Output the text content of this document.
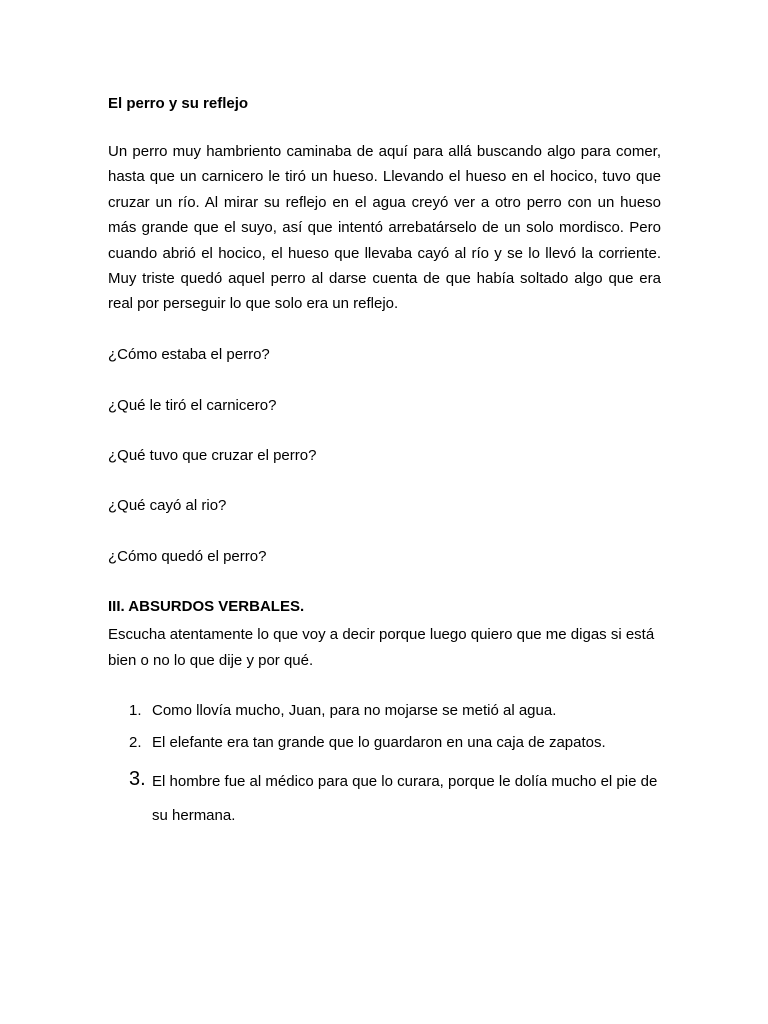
El perro y su reflejo
Un perro muy hambriento caminaba de aquí para allá buscando algo para comer, hasta que un carnicero le tiró un hueso. Llevando el hueso en el hocico, tuvo que cruzar un río. Al mirar su reflejo en el agua creyó ver a otro perro con un hueso más grande que el suyo, así que intentó arrebatárselo de un solo mordisco. Pero cuando abrió el hocico, el hueso que llevaba cayó al río y se lo llevó la corriente. Muy triste quedó aquel perro al darse cuenta de que había soltado algo que era real por perseguir lo que solo era un reflejo.
¿Cómo estaba el perro?
¿Qué le tiró el carnicero?
¿Qué tuvo que cruzar el perro?
¿Qué cayó al rio?
¿Cómo quedó el perro?
III. ABSURDOS VERBALES.
Escucha atentamente lo que voy a decir porque luego quiero que me digas si está bien o no lo que dije y por qué.
1. Como llovía mucho, Juan, para no mojarse se metió al agua.
2. El elefante era tan grande que lo guardaron en una caja de zapatos.
3. El hombre fue al médico para que lo curara, porque le dolía mucho el pie de su hermana.
